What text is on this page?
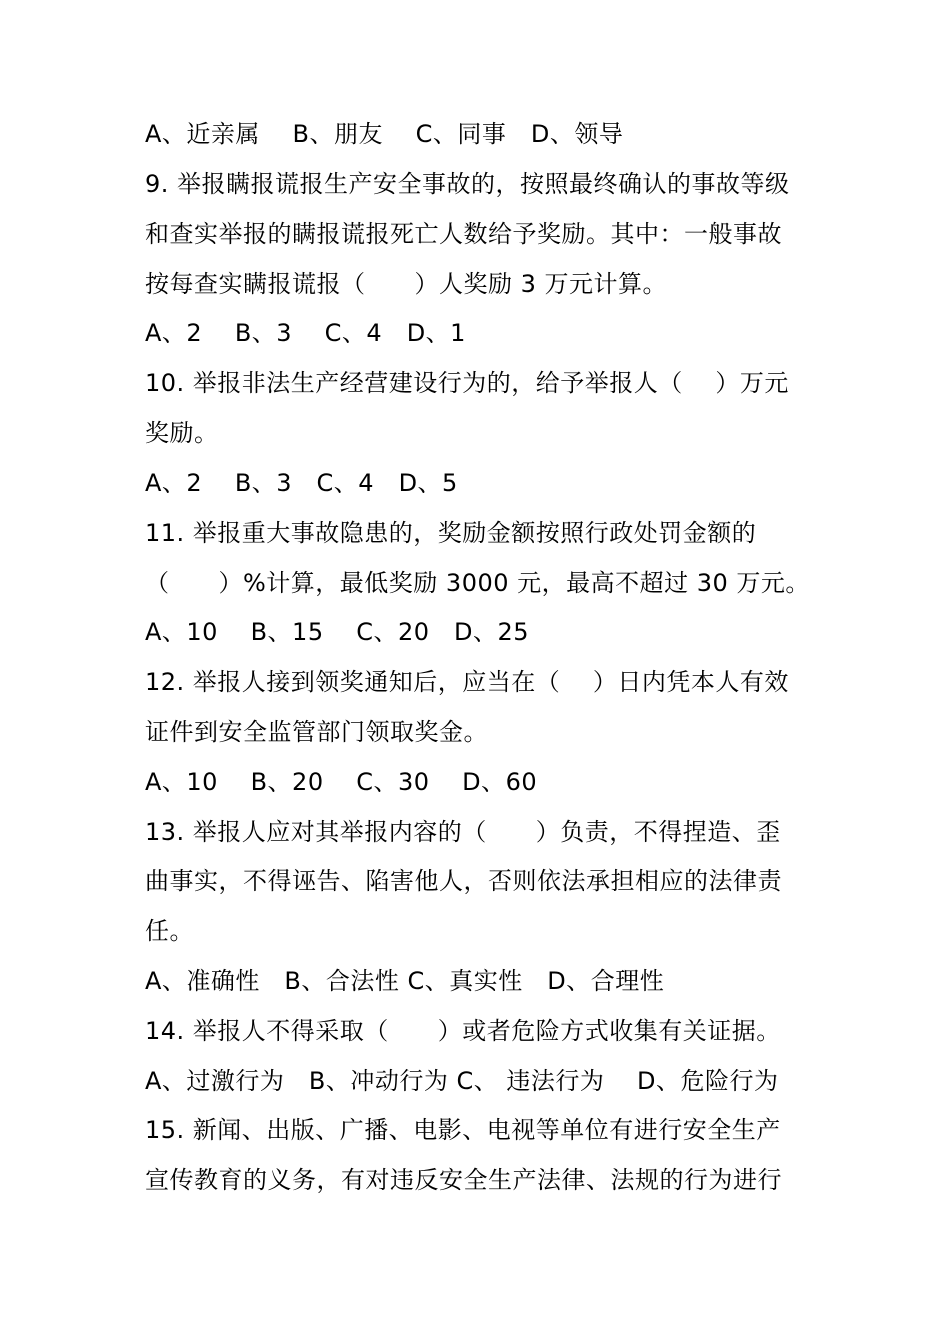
A、近亲属　 B、朋友　 C、同事　D、领导
9. 举报瞒报谎报生产安全事故的，按照最终确认的事故等级
和查实举报的瞒报谎报死亡人数给予奖励。其中：一般事故
按每查实瞒报谎报（　　）人奖励 3 万元计算。
A、2　 B、3　 C、4　D、1
10. 举报非法生产经营建设行为的，给予举报人（　 ）万元
奖励。
A、2　 B、3　C、4　D、5
11. 举报重大事故隐患的，奖励金额按照行政处罚金额的
（　　）%计算，最低奖励 3000 元，最高不超过 30 万元。
A、10　 B、15　 C、20　D、25
12. 举报人接到领奖通知后，应当在（　 ）日内凭本人有效
证件到安全监管部门领取奖金。
A、10　 B、20　 C、30　 D、60
13. 举报人应对其举报内容的（　　）负责，不得捏造、歪
曲事实，不得诬告、陷害他人，否则依法承担相应的法律责
任。
A、准确性　B、合法性 C、真实性　D、合理性
14. 举报人不得采取（　　）或者危险方式收集有关证据。
A、过激行为　B、冲动行为 C、 违法行为　 D、危险行为
15. 新闻、出版、广播、电影、电视等单位有进行安全生产
宣传教育的义务，有对违反安全生产法律、法规的行为进行
